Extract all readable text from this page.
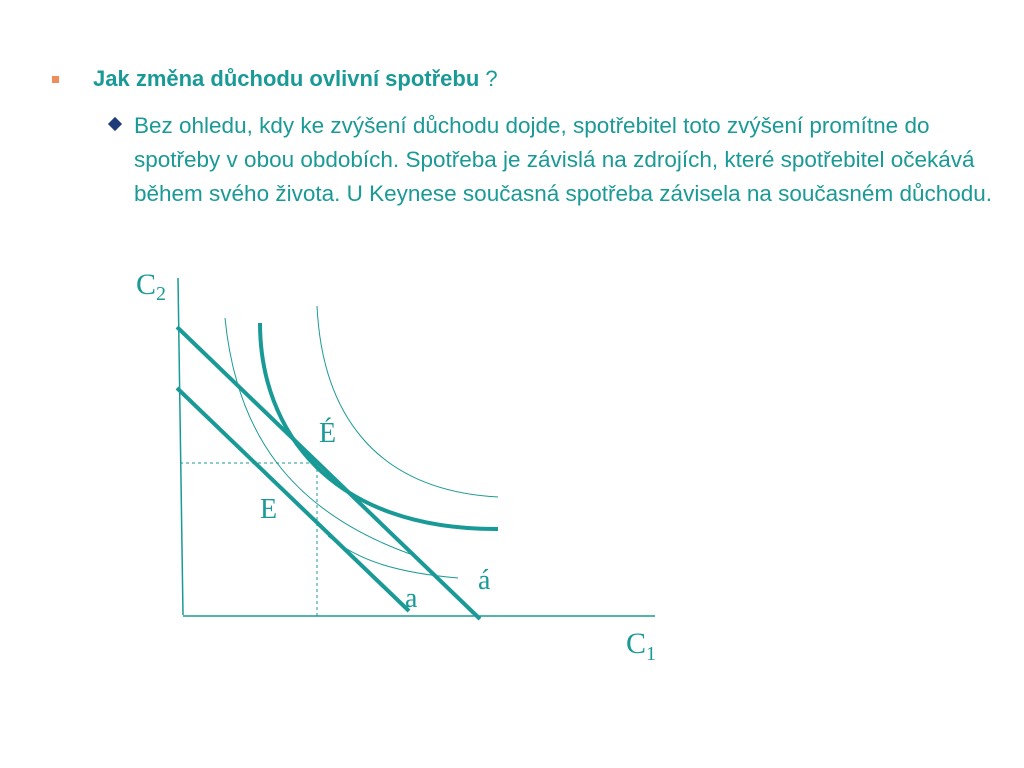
Jak změna důchodu ovlivní spotřebu ?
Bez ohledu, kdy ke zvýšení důchodu dojde, spotřebitel toto zvýšení promítne do spotřeby v obou obdobích. Spotřeba je závislá na zdrojích, které spotřebitel očekává během svého života. U Keynese současná spotřeba závisela na současném důchodu.
$C_2$
$C_1$
É
E
a
á
